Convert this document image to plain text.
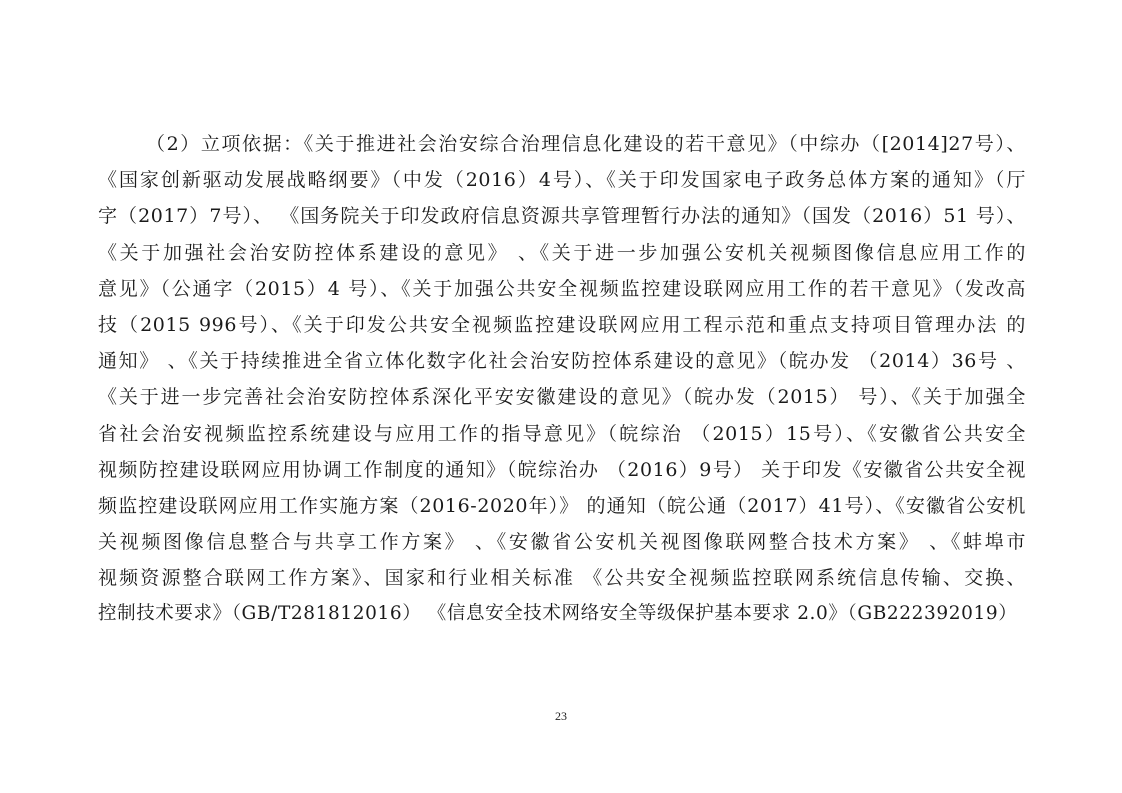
（2）立项依据：《关于推进社会治安综合治理信息化建设的若干意见》（中综办（[2014]27号）、
《国家创新驱动发展战略纲要》（中发（2016）4号）、《关于印发国家电子政务总体方案的通知》（厅
字（2017）7号）、 《国务院关于印发政府信息资源共享管理暂行办法的通知》（国发（2016）51 号）、
《关于加强社会治安防控体系建设的意见》 、《关于进一步加强公安机关视频图像信息应用工作的
意见》（公通字（2015）4 号）、《关于加强公共安全视频监控建设联网应用工作的若干意见》（发改高
技（2015 996号）、《关于印发公共安全视频监控建设联网应用工程示范和重点支持项目管理办法 的
通知》 、《关于持续推进全省立体化数字化社会治安防控体系建设的意见》（皖办发 （2014）36号 、
《关于进一步完善社会治安防控体系深化平安安徽建设的意见》（皖办发（2015） 号）、《关于加强全
省社会治安视频监控系统建设与应用工作的指导意见》（皖综治 （2015）15号）、《安徽省公共安全
视频防控建设联网应用协调工作制度的通知》（皖综治办 （2016）9号） 关于印发《安徽省公共安全视
频监控建设联网应用工作实施方案（2016-2020年）》 的通知（皖公通（2017）41号）、《安徽省公安机
关视频图像信息整合与共享工作方案》 、《安徽省公安机关视图像联网整合技术方案》 、《蚌埠市
视频资源整合联网工作方案》、国家和行业相关标准 《公共安全视频监控联网系统信息传输、交换、
控制技术要求》（GB/T281812016） 《信息安全技术网络安全等级保护基本要求 2.0》（GB222392019）
23
